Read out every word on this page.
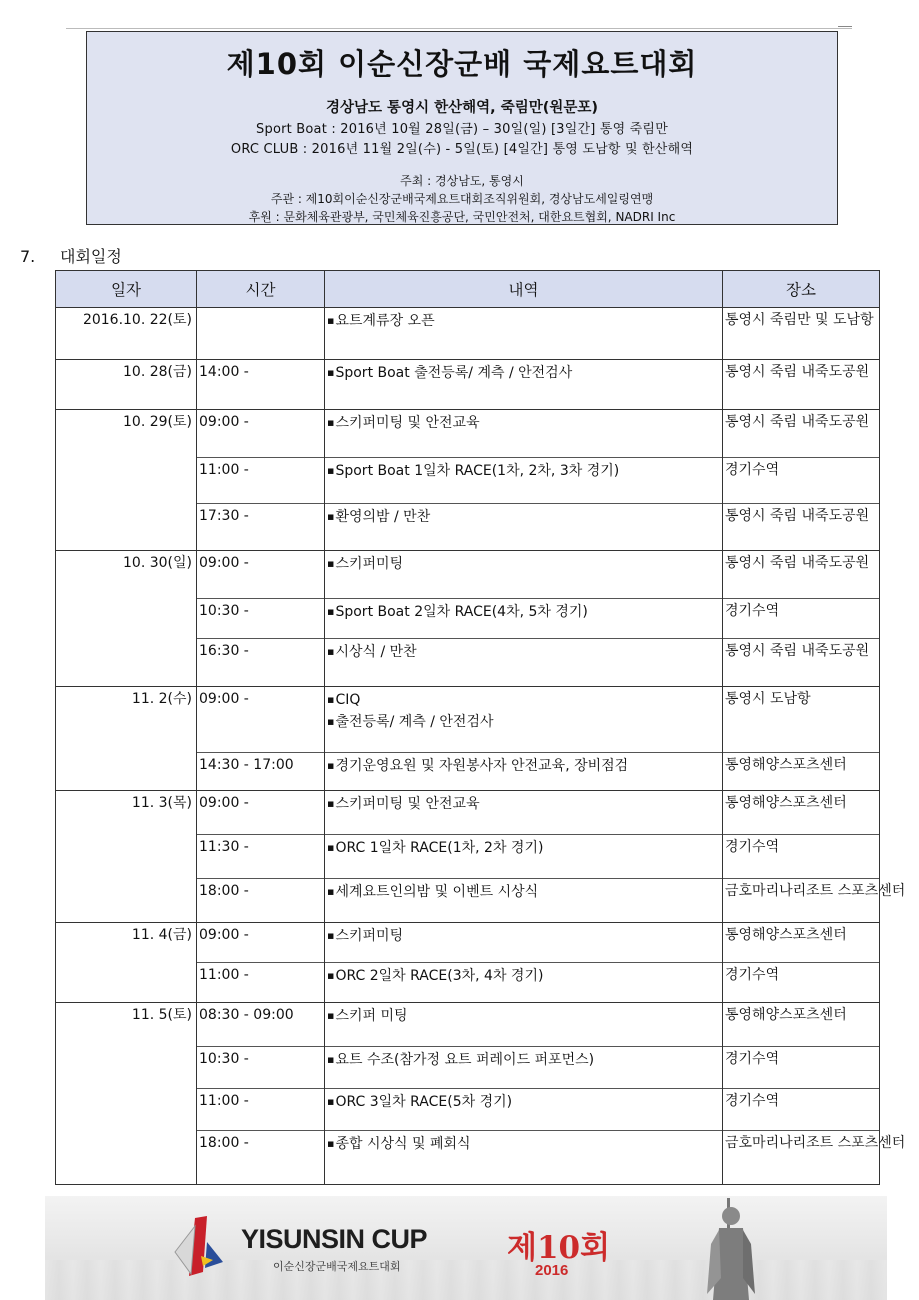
제10회 이순신장군배 국제요트대회
경상남도 통영시 한산해역, 죽림만(원문포)
Sport Boat : 2016년 10월 28일(금) – 30일(일) [3일간] 통영 죽림만
ORC CLUB : 2016년 11월 2일(수) - 5일(토) [4일간] 통영 도남항 및 한산해역
주최 : 경상남도, 통영시
주관 : 제10회이순신장군배국제요트대회조직위원회, 경상남도세일링연맹
후원 : 문화체육관광부, 국민체육진흥공단, 국민안전처, 대한요트협회, NADRI Inc
7. 대회일정
일자	시간	내역	장소
2016.10. 22(토)		▪요트계류장 오픈	통영시 죽림만 및 도남항
10. 28(금)	14:00 -	▪Sport Boat 출전등록/ 계측 / 안전검사	통영시 죽림 내죽도공원
10. 29(토)	09:00 -	▪스키퍼미팅 및 안전교육	통영시 죽림 내죽도공원
	11:00 -	▪Sport Boat 1일차 RACE(1차, 2차, 3차 경기)	경기수역
	17:30 -	▪환영의밤 / 만찬	통영시 죽림 내죽도공원
10. 30(일)	09:00 -	▪스키퍼미팅	통영시 죽림 내죽도공원
	10:30 -	▪Sport Boat 2일차 RACE(4차, 5차 경기)	경기수역
	16:30 -	▪시상식 / 만찬	통영시 죽림 내죽도공원
11. 2(수)	09:00 -	▪CIQ
▪출전등록/ 계측 / 안전검사	통영시 도남항
	14:30 - 17:00	▪경기운영요원 및 자원봉사자 안전교육, 장비점검	통영해양스포츠센터
11. 3(목)	09:00 -	▪스키퍼미팅 및 안전교육	통영해양스포츠센터
	11:30 -	▪ORC 1일차 RACE(1차, 2차 경기)	경기수역
	18:00 -	▪세계요트인의밤 및 이벤트 시상식	금호마리나리조트 스포츠센터
11. 4(금)	09:00 -	▪스키퍼미팅	통영해양스포츠센터
	11:00 -	▪ORC 2일차 RACE(3차, 4차 경기)	경기수역
11. 5(토)	08:30 - 09:00	▪스키퍼 미팅	통영해양스포츠센터
	10:30 -	▪요트 수조(참가정 요트 퍼레이드 퍼포먼스)	경기수역
	11:00 -	▪ORC 3일차 RACE(5차 경기)	경기수역
	18:00 -	▪종합 시상식 및 폐회식	금호마리나리조트 스포츠센터
YISUNSIN CUP
이순신장군배국제요트대회
제10회
2016
